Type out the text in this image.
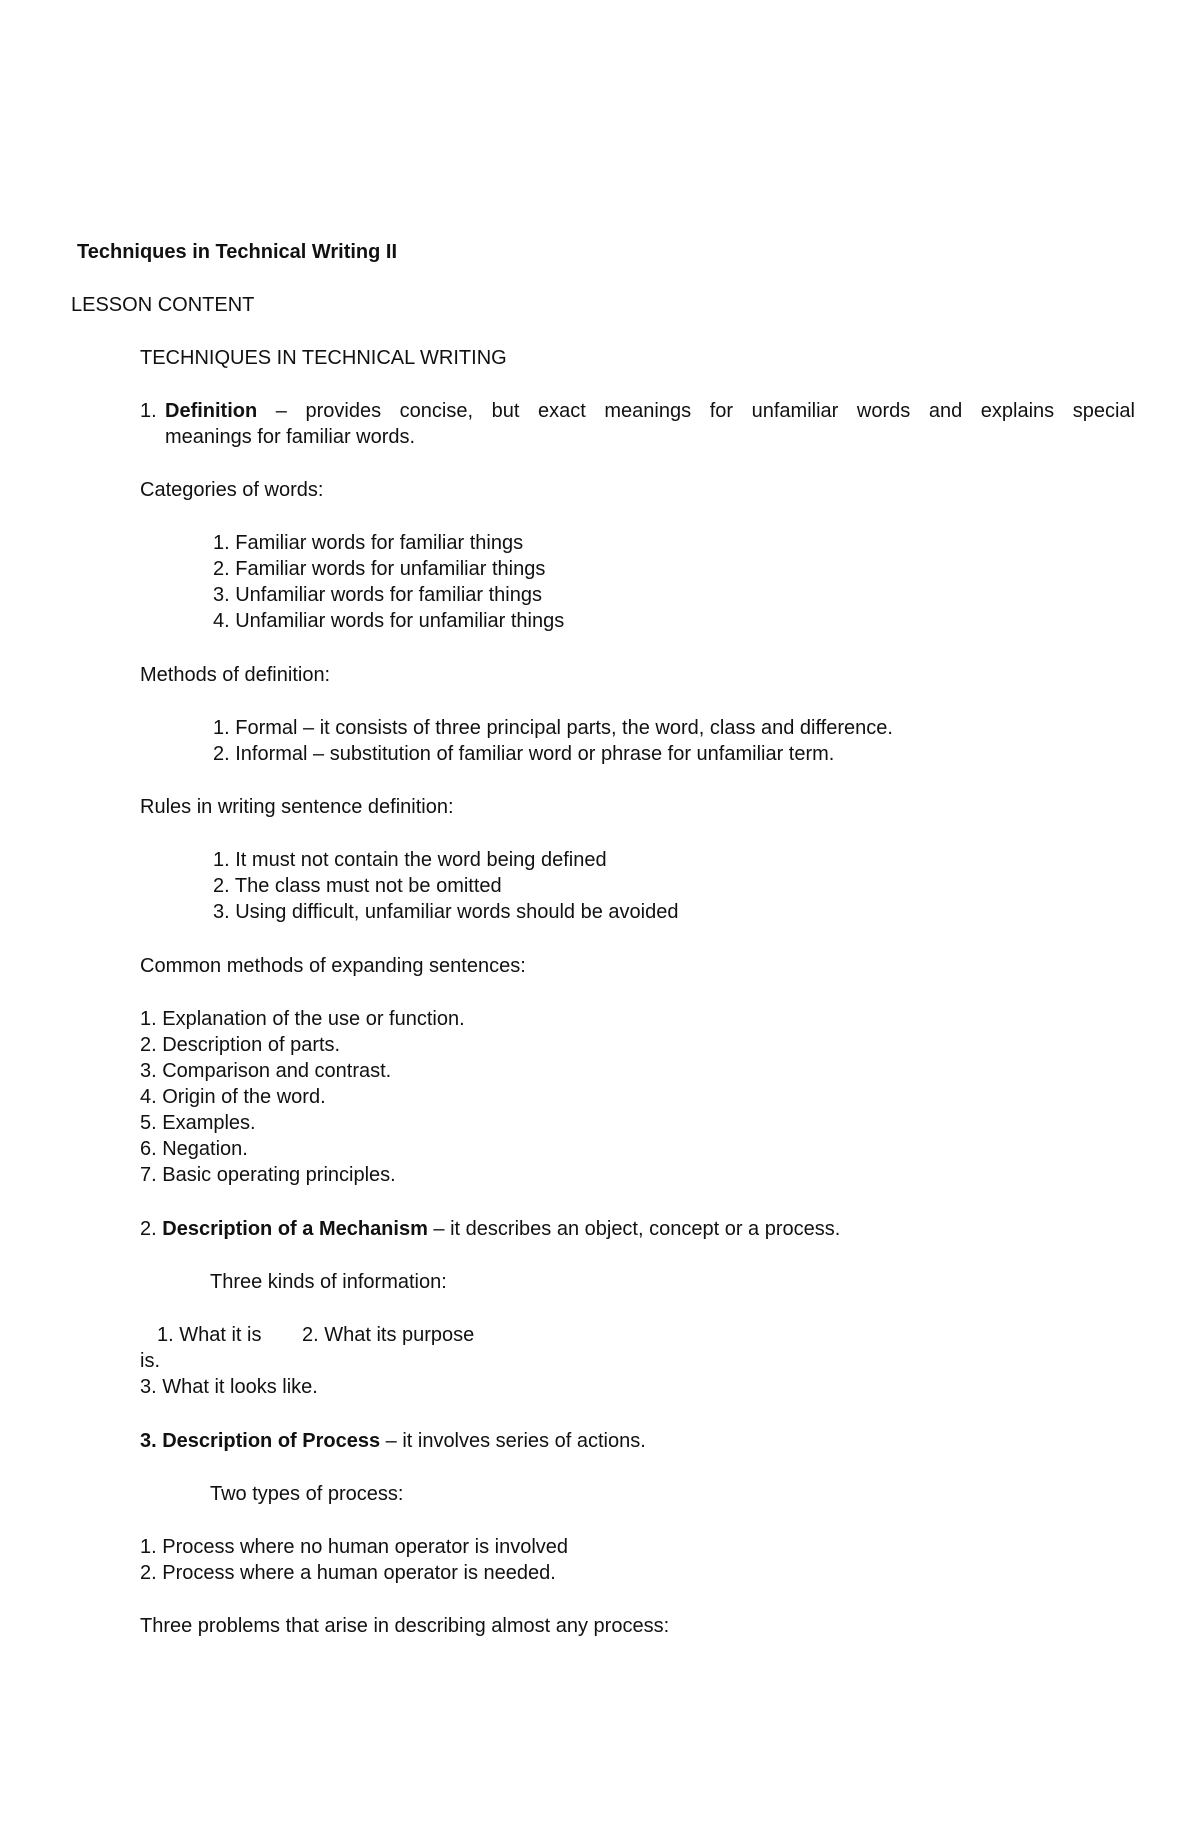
Techniques in Technical Writing II
LESSON CONTENT
TECHNIQUES IN TECHNICAL WRITING
1. Definition – provides concise, but exact meanings for unfamiliar words and explains special
meanings for familiar words.
Categories of words:
1. Familiar words for familiar things
2. Familiar words for unfamiliar things
3. Unfamiliar words for familiar things
4. Unfamiliar words for unfamiliar things
Methods of definition:
1. Formal – it consists of three principal parts, the word, class and difference.
2. Informal – substitution of familiar word or phrase for unfamiliar term.
Rules in writing sentence definition:
1. It must not contain the word being defined
2. The class must not be omitted
3. Using difficult, unfamiliar words should be avoided
Common methods of expanding sentences:
1. Explanation of the use or function.
2. Description of parts.
3. Comparison and contrast.
4. Origin of the word.
5. Examples.
6. Negation.
7. Basic operating principles.
2. Description of a Mechanism – it describes an object, concept or a process.
Three kinds of information:
1. What it is 2. What its purpose
is.
3. What it looks like.
3. Description of Process – it involves series of actions.
Two types of process:
1. Process where no human operator is involved
2. Process where a human operator is needed.
Three problems that arise in describing almost any process:
